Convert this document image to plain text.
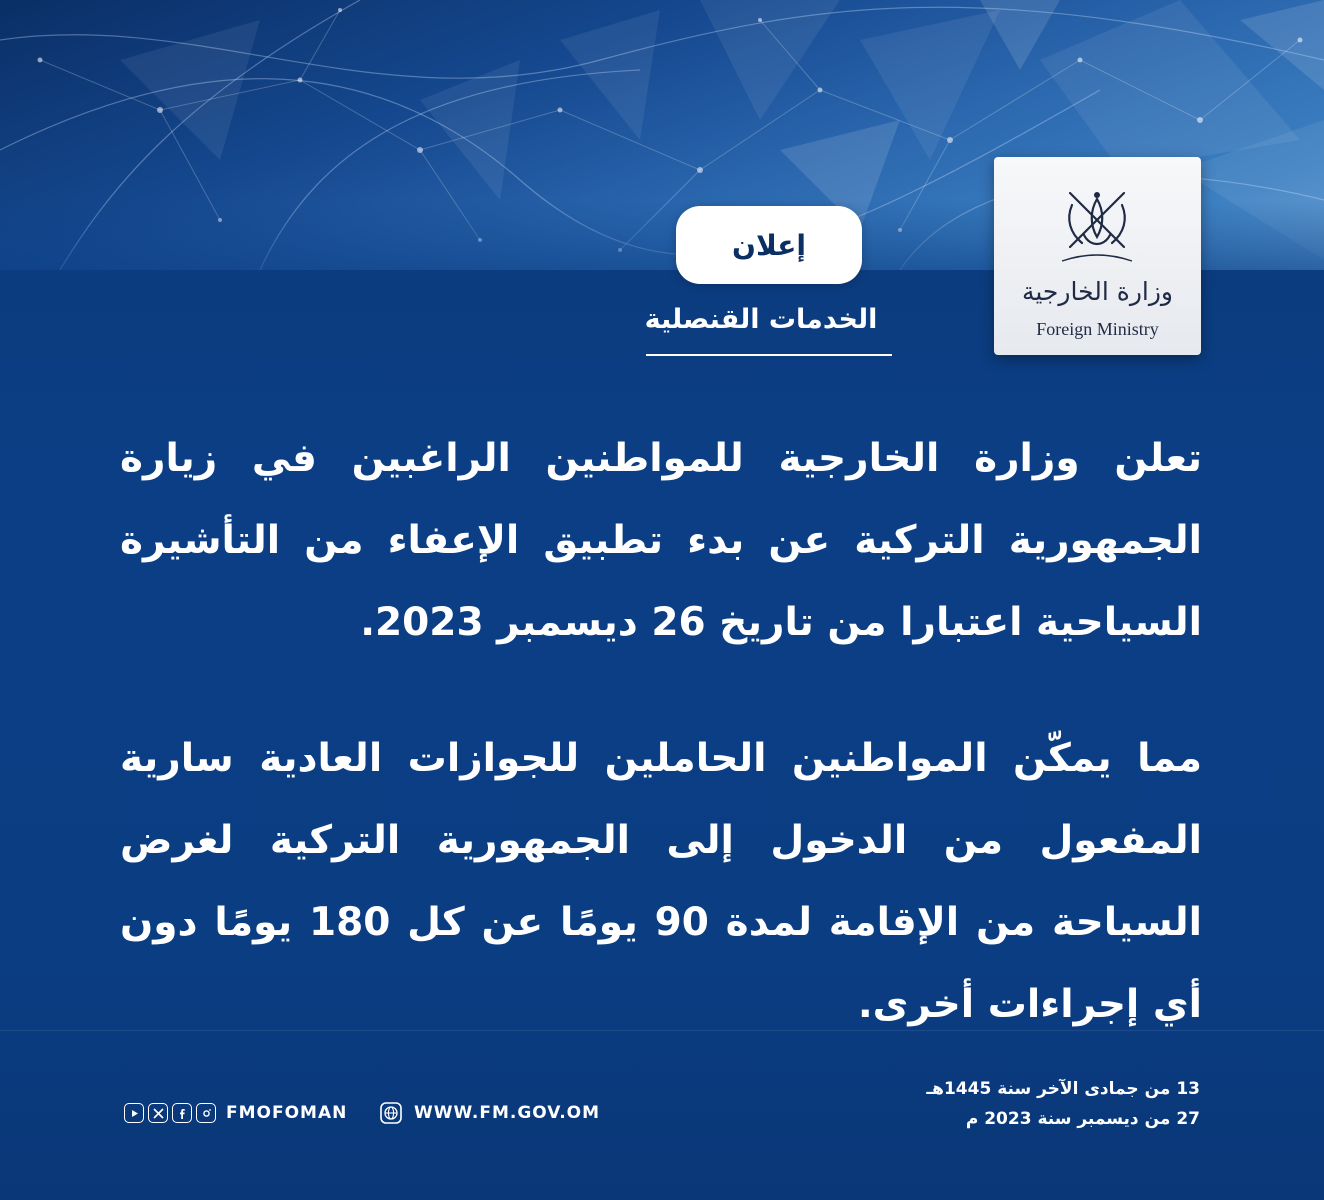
وزارة الخارجية
Foreign Ministry
إعلان
الخدمات القنصلية
تعلن وزارة الخارجية للمواطنين الراغبين في زيارة الجمهورية التركية عن بدء تطبيق الإعفاء من التأشيرة السياحية اعتبارا من تاريخ 26 ديسمبر 2023.
مما يمكّن المواطنين الحاملين للجوازات العادية سارية المفعول من الدخول إلى الجمهورية التركية لغرض السياحة من الإقامة لمدة 90 يومًا عن كل 180 يومًا دون أي إجراءات أخرى.
13 من جمادى الآخر سنة 1445هـ
27 من ديسمبر سنة 2023 م
WWW.FM.GOV.OM
FMOFOMAN
